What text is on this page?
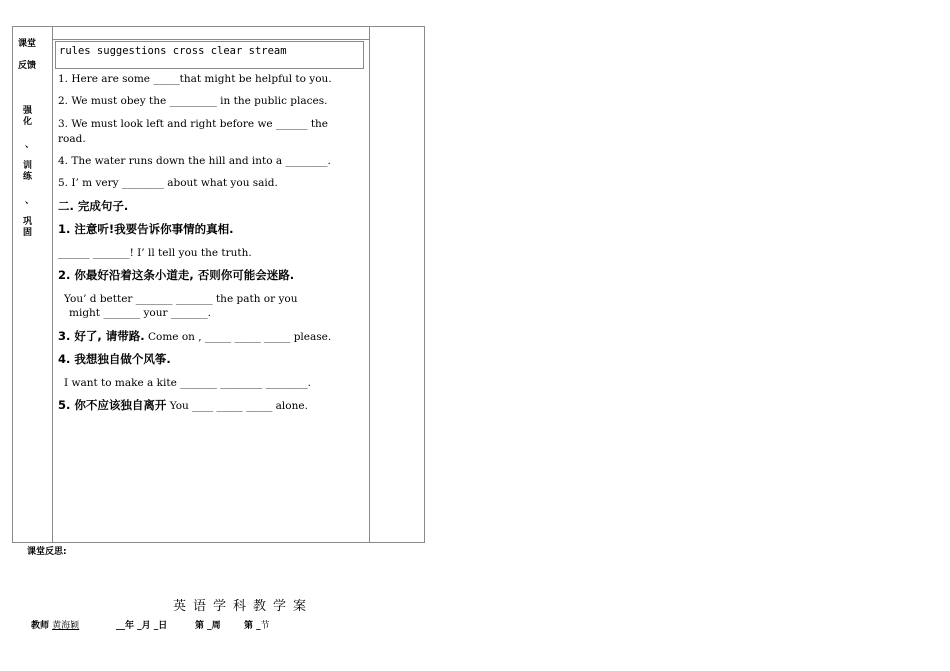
课堂
反馈
强
化
、
训
练
、
巩
固
rules suggestions cross clear stream
1. Here are some _____that might be helpful to you.
2. We must obey the _________ in the public places.
3. We must look left and right before we ______ the
road.
4. The water runs down the hill and into a ________.
5. I’ m very ________ about what you said.
二. 完成句子.
1. 注意听!我要告诉你事情的真相.
______ _______! I’ ll tell you the truth.
2. 你最好沿着这条小道走, 否则你可能会迷路.
You’ d better _______ _______ the path or you
might _______ your _______.
3. 好了, 请带路. Come on , _____ _____ _____ please.
4. 我想独自做个风筝.
I want to make a kite _______ ________ ________.
5. 你不应该独自离开 You ____ _____ _____ alone.
课堂反思:
英语学科教学案
教师 黄海颖	__年 _月 _日	第 _周	第 _节
